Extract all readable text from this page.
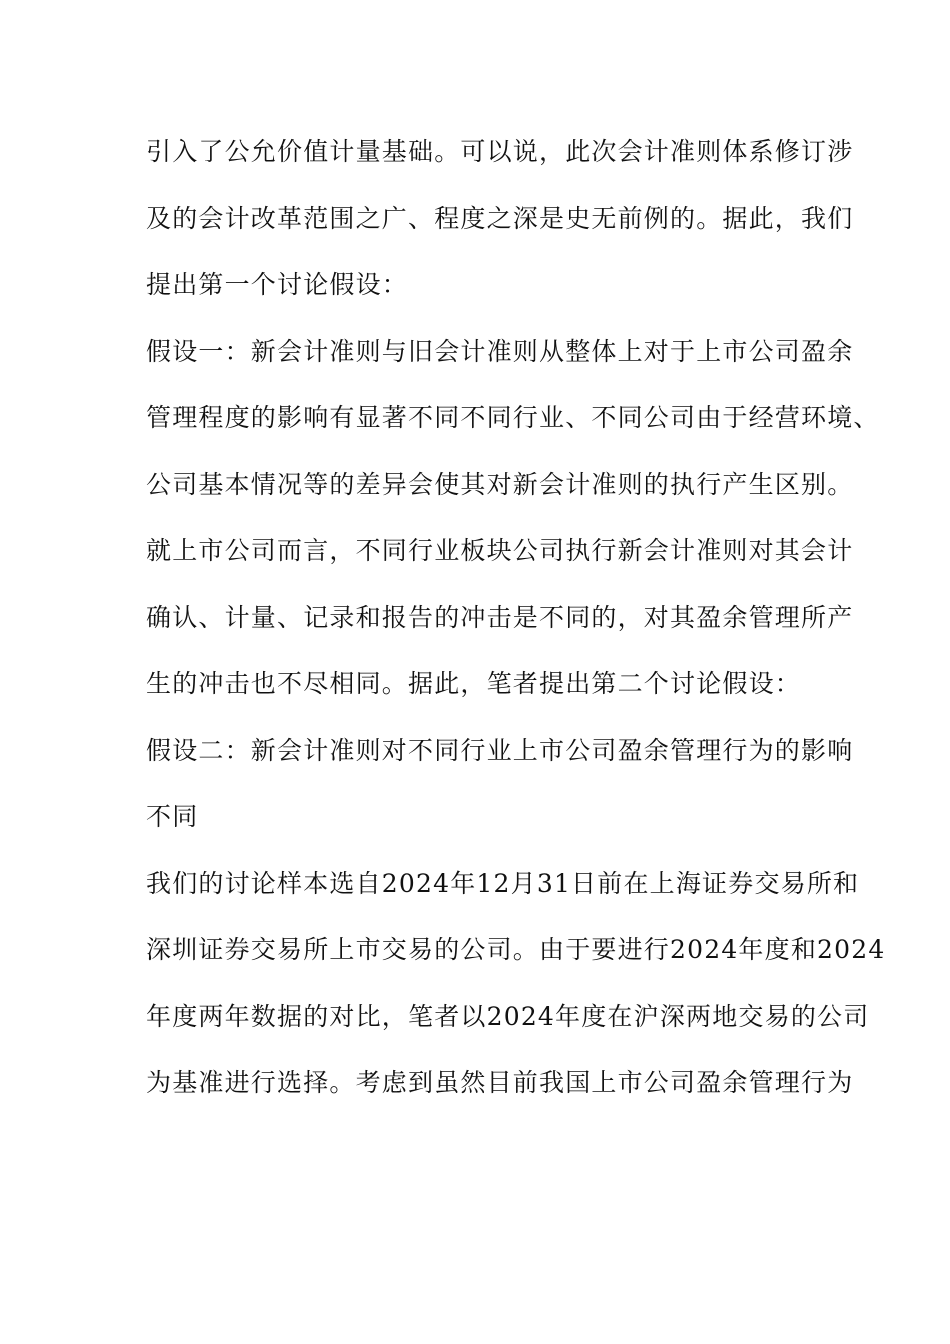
引入了公允价值计量基础。可以说，此次会计准则体系修订涉
及的会计改革范围之广、程度之深是史无前例的。据此，我们
提出第一个讨论假设：
假设一：新会计准则与旧会计准则从整体上对于上市公司盈余
管理程度的影响有显著不同不同行业、不同公司由于经营环境、
公司基本情况等的差异会使其对新会计准则的执行产生区别。
就上市公司而言，不同行业板块公司执行新会计准则对其会计
确认、计量、记录和报告的冲击是不同的，对其盈余管理所产
生的冲击也不尽相同。据此，笔者提出第二个讨论假设：
假设二：新会计准则对不同行业上市公司盈余管理行为的影响
不同
我们的讨论样本选自2024年12月31日前在上海证券交易所和
深圳证券交易所上市交易的公司。由于要进行2024年度和2024
年度两年数据的对比，笔者以2024年度在沪深两地交易的公司
为基准进行选择。考虑到虽然目前我国上市公司盈余管理行为
